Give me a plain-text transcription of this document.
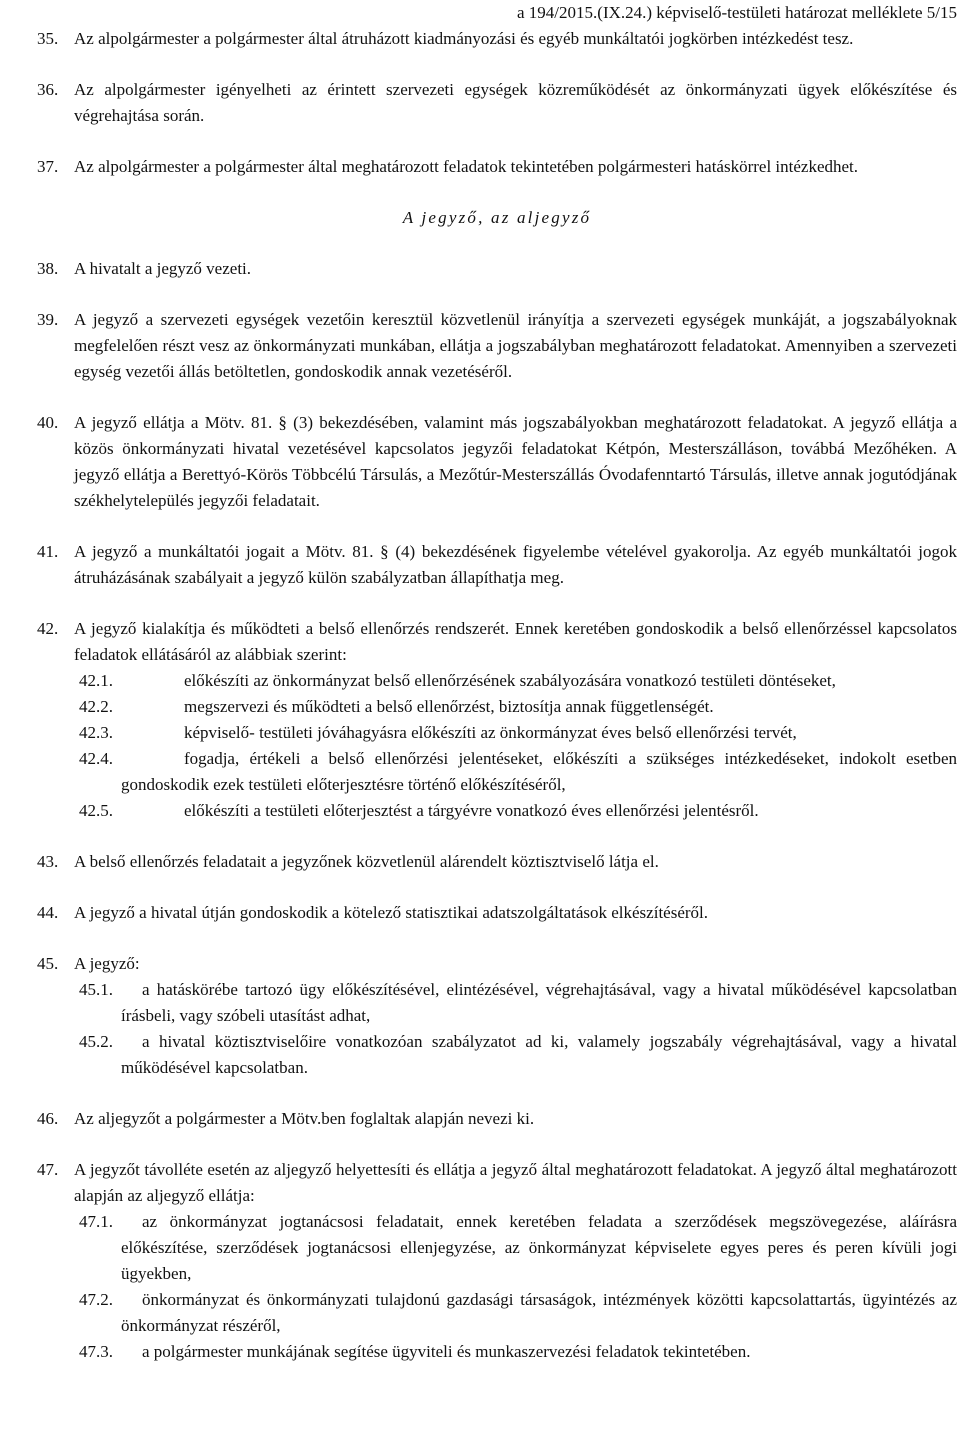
a 194/2015.(IX.24.) képviselő-testületi határozat melléklete 5/15

35. Az alpolgármester a polgármester által átruházott kiadmányozási és egyéb munkáltatói jogkörben intézkedést tesz.

36. Az alpolgármester igényelheti az érintett szervezeti egységek közreműködését az önkormányzati ügyek előkészítése és végrehajtása során.

37. Az alpolgármester a polgármester által meghatározott feladatok tekintetében polgármesteri hatáskörrel intézkedhet.

A jegyző, az aljegyző

38. A hivatalt a jegyző vezeti.

39. A jegyző a szervezeti egységek vezetőin keresztül közvetlenül irányítja a szervezeti egységek munkáját, a jogszabályoknak megfelelően részt vesz az önkormányzati munkában, ellátja a jogszabályban meghatározott feladatokat. Amennyiben a szervezeti egység vezetői állás betöltetlen, gondoskodik annak vezetéséről.

40. A jegyző ellátja a Mötv. 81. § (3) bekezdésében, valamint más jogszabályokban meghatározott feladatokat. A jegyző ellátja a közös önkormányzati hivatal vezetésével kapcsolatos jegyzői feladatokat Kétpón, Mesterszálláson, továbbá Mezőhéken. A jegyző ellátja a Berettyó-Körös Többcélú Társulás, a Mezőtúr-Mesterszállás Óvodafenntartó Társulás, illetve annak jogutódjának székhelytelepülés jegyzői feladatait.

41. A jegyző a munkáltatói jogait a Mötv. 81. § (4) bekezdésének figyelembe vételével gyakorolja. Az egyéb munkáltatói jogok átruházásának szabályait a jegyző külön szabályzatban állapíthatja meg.

42. A jegyző kialakítja és működteti a belső ellenőrzés rendszerét. Ennek keretében gondoskodik a belső ellenőrzéssel kapcsolatos feladatok ellátásáról az alábbiak szerint:

42.1.	előkészíti az önkormányzat belső ellenőrzésének szabályozására vonatkozó testületi döntéseket,

42.2.	megszervezi és működteti a belső ellenőrzést, biztosítja annak függetlenségét.

42.3.	képviselő- testületi jóváhagyásra előkészíti az önkormányzat éves belső ellenőrzési tervét,

42.4.	fogadja, értékeli a belső ellenőrzési jelentéseket, előkészíti a szükséges intézkedéseket, indokolt esetben gondoskodik ezek testületi előterjesztésre történő előkészítéséről,

42.5.	előkészíti a testületi előterjesztést a tárgyévre vonatkozó éves ellenőrzési jelentésről.

43. A belső ellenőrzés feladatait a jegyzőnek közvetlenül alárendelt köztisztviselő látja el.

44. A jegyző a hivatal útján gondoskodik a kötelező statisztikai adatszolgáltatások elkészítéséről.

45. A jegyző:

45.1. a hatáskörébe tartozó ügy előkészítésével, elintézésével, végrehajtásával, vagy a hivatal működésével kapcsolatban írásbeli, vagy szóbeli utasítást adhat,

45.2. a hivatal köztisztviselőire vonatkozóan szabályzatot ad ki, valamely jogszabály végrehajtásával, vagy a hivatal működésével kapcsolatban.

46. Az aljegyzőt a polgármester a Mötv.ben foglaltak alapján nevezi ki.

47. A jegyzőt távolléte esetén az aljegyző helyettesíti és ellátja a jegyző által meghatározott feladatokat. A jegyző által meghatározott alapján az aljegyző ellátja:

47.1. az önkormányzat jogtanácsosi feladatait, ennek keretében feladata a szerződések megszövegezése, aláírásra előkészítése, szerződések jogtanácsosi ellenjegyzése, az önkormányzat képviselete egyes peres és peren kívüli jogi ügyekben,

47.2. önkormányzat és önkormányzati tulajdonú gazdasági társaságok, intézmények közötti kapcsolattartás, ügyintézés az önkormányzat részéről,

47.3. a polgármester munkájának segítése ügyviteli és munkaszervezési feladatok tekintetében.
